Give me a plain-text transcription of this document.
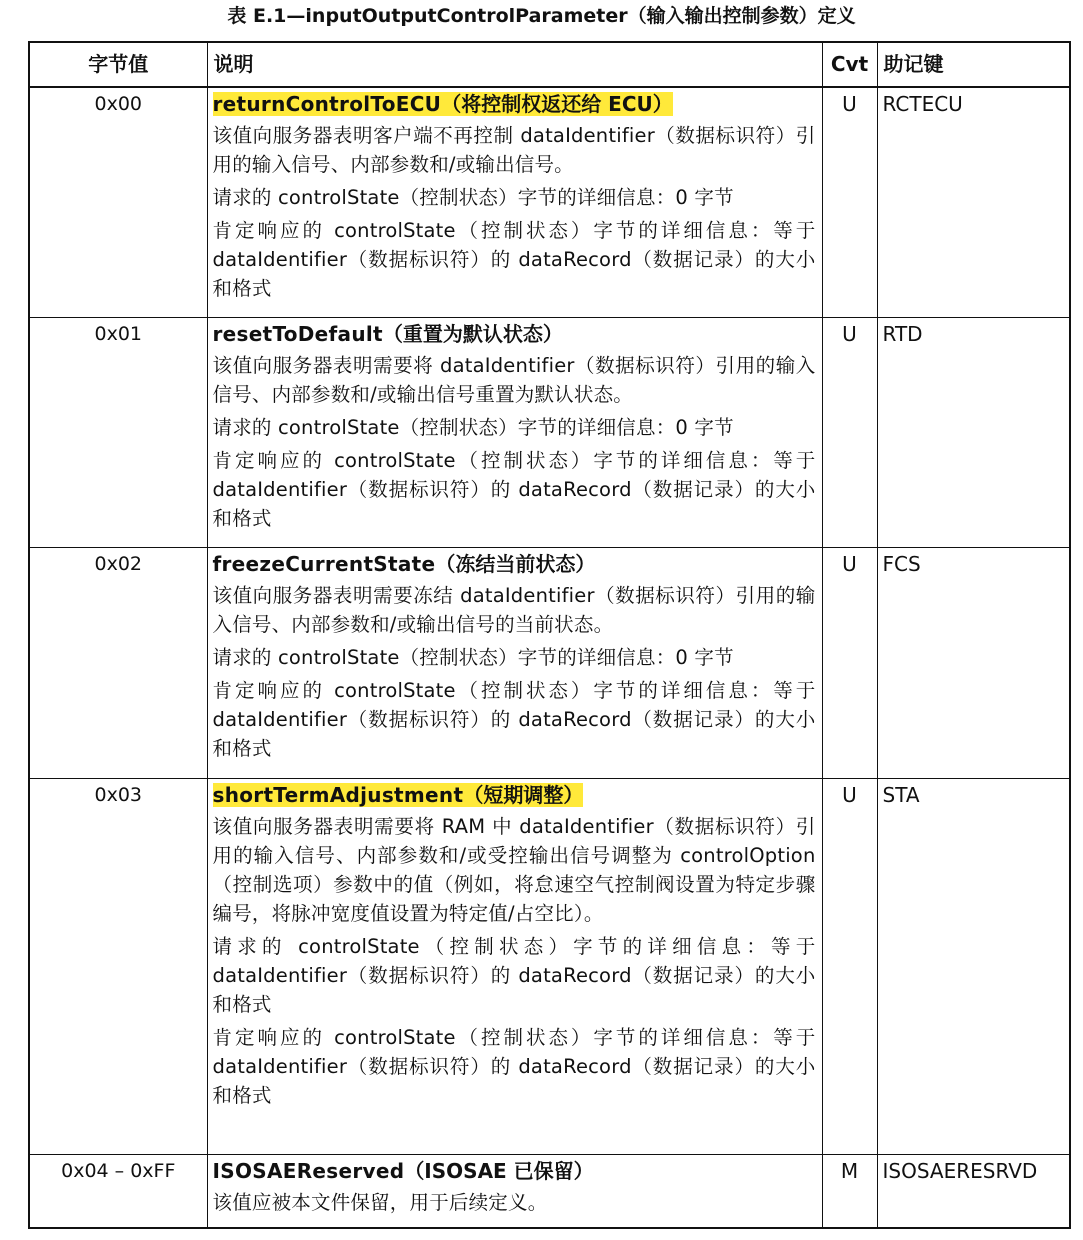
表 E.1—inputOutputControlParameter（输入输出控制参数）定义
字节值	说明	Cvt	助记键
0x00	returnControlToECU（将控制权返还给 ECU）
该值向服务器表明客户端不再控制 dataIdentifier（数据标识符）引用的输入信号、内部参数和/或输出信号。
请求的 controlState（控制状态）字节的详细信息：0 字节
肯定响应的 controlState（控制状态）字节的详细信息：等于 dataIdentifier（数据标识符）的 dataRecord（数据记录）的大小和格式	U	RCTECU
0x01	resetToDefault（重置为默认状态）
该值向服务器表明需要将 dataIdentifier（数据标识符）引用的输入信号、内部参数和/或输出信号重置为默认状态。
请求的 controlState（控制状态）字节的详细信息：0 字节
肯定响应的 controlState（控制状态）字节的详细信息：等于 dataIdentifier（数据标识符）的 dataRecord（数据记录）的大小和格式	U	RTD
0x02	freezeCurrentState（冻结当前状态）
该值向服务器表明需要冻结 dataIdentifier（数据标识符）引用的输入信号、内部参数和/或输出信号的当前状态。
请求的 controlState（控制状态）字节的详细信息：0 字节
肯定响应的 controlState（控制状态）字节的详细信息：等于 dataIdentifier（数据标识符）的 dataRecord（数据记录）的大小和格式	U	FCS
0x03	shortTermAdjustment（短期调整）
该值向服务器表明需要将 RAM 中 dataIdentifier（数据标识符）引用的输入信号、内部参数和/或受控输出信号调整为 controlOption（控制选项）参数中的值（例如，将怠速空气控制阀设置为特定步骤编号，将脉冲宽度值设置为特定值/占空比）。
请求的 controlState（控制状态）字节的详细信息：等于 dataIdentifier（数据标识符）的 dataRecord（数据记录）的大小和格式
肯定响应的 controlState（控制状态）字节的详细信息：等于 dataIdentifier（数据标识符）的 dataRecord（数据记录）的大小和格式	U	STA
0x04 – 0xFF	ISOSAEReserved（ISOSAE 已保留）
该值应被本文件保留，用于后续定义。	M	ISOSAERESRVD
